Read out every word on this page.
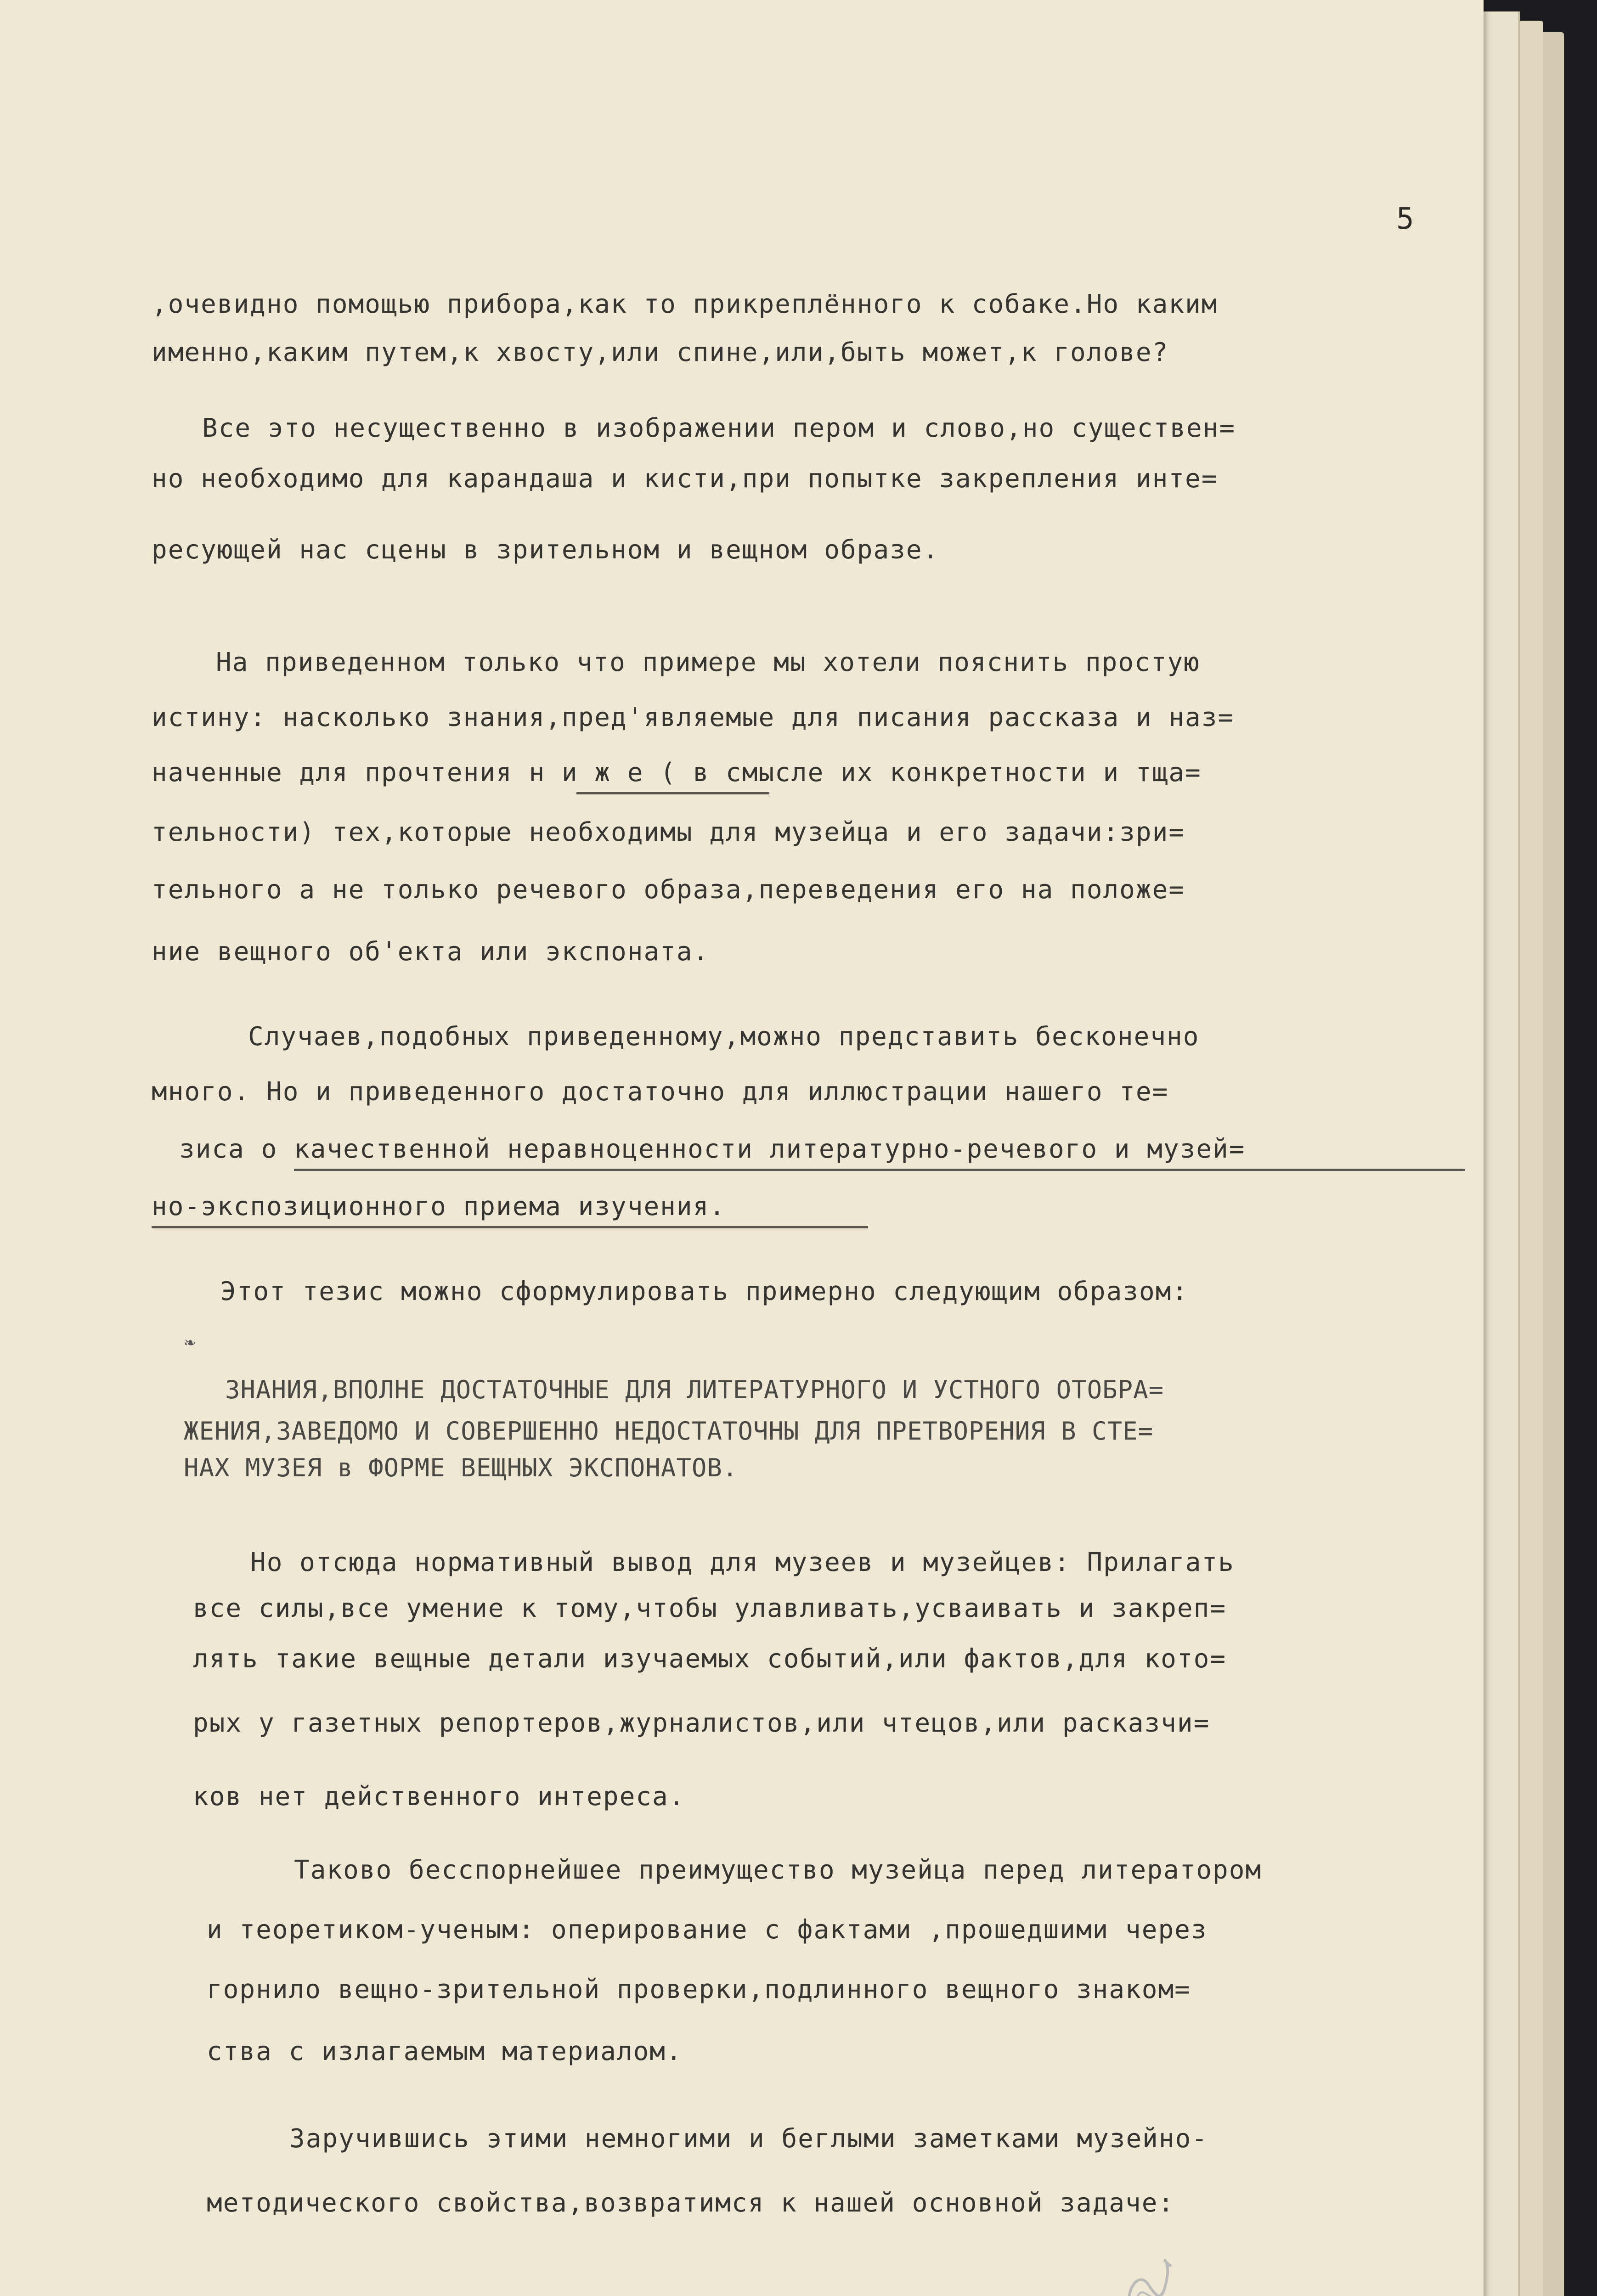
5

,очевидно помощью прибора,как то прикреплённого к собаке.Но каким

именно,каким путем,к хвосту,или спине,или,быть может,к голове?

Все это несущественно в изображении пером и слово,но существен=

но необходимо для карандаша и кисти,при попытке закрепления инте=

ресующей нас сцены в зрительном и вещном образе.

На приведенном только что примере мы хотели пояснить простую

истину: насколько знания,пред'являемые для писания рассказа и наз=

наченные для прочтения н и ж е ( в смысле их конкретности и тща=

тельности) тех,которые необходимы для музейца и его задачи:зри=

тельного а не только речевого образа,переведения его на положе=

ние вещного об'екта или экспоната.

Случаев,подобных приведенному,можно представить бесконечно

много. Но и приведенного достаточно для иллюстрации нашего те=

зиса о качественной неравноценности литературно-речевого и музей=

но-экспозиционного приема изучения.

Этот тезис можно сформулировать примерно следующим образом:

ЗНАНИЯ,ВПОЛНЕ ДОСТАТОЧНЫЕ ДЛЯ ЛИТЕРАТУРНОГО И УСТНОГО ОТОБРА=

ЖЕНИЯ,ЗАВЕДОМО И СОВЕРШЕННО НЕДОСТАТОЧНЫ ДЛЯ ПРЕТВОРЕНИЯ В СТЕ=

НАХ МУЗЕЯ в ФОРМЕ ВЕЩНЫХ ЭКСПОНАТОВ.

Но отсюда нормативный вывод для музеев и музейцев: Прилагать

все силы,все умение к тому,чтобы улавливать,усваивать и закреп=

лять такие вещные детали изучаемых событий,или фактов,для кото=

рых у газетных репортеров,журналистов,или чтецов,или расказчи=

ков нет действенного интереса.

Таково бесспорнейшее преимущество музейца перед литератором

и теоретиком-ученым: оперирование с фактами ,прошедшими через

горнило вещно-зрительной проверки,подлинного вещного знаком=

ства с излагаемым материалом.

Заручившись этими немногими и беглыми заметками музейно-

методического свойства,возвратимся к нашей основной задаче:

❧
